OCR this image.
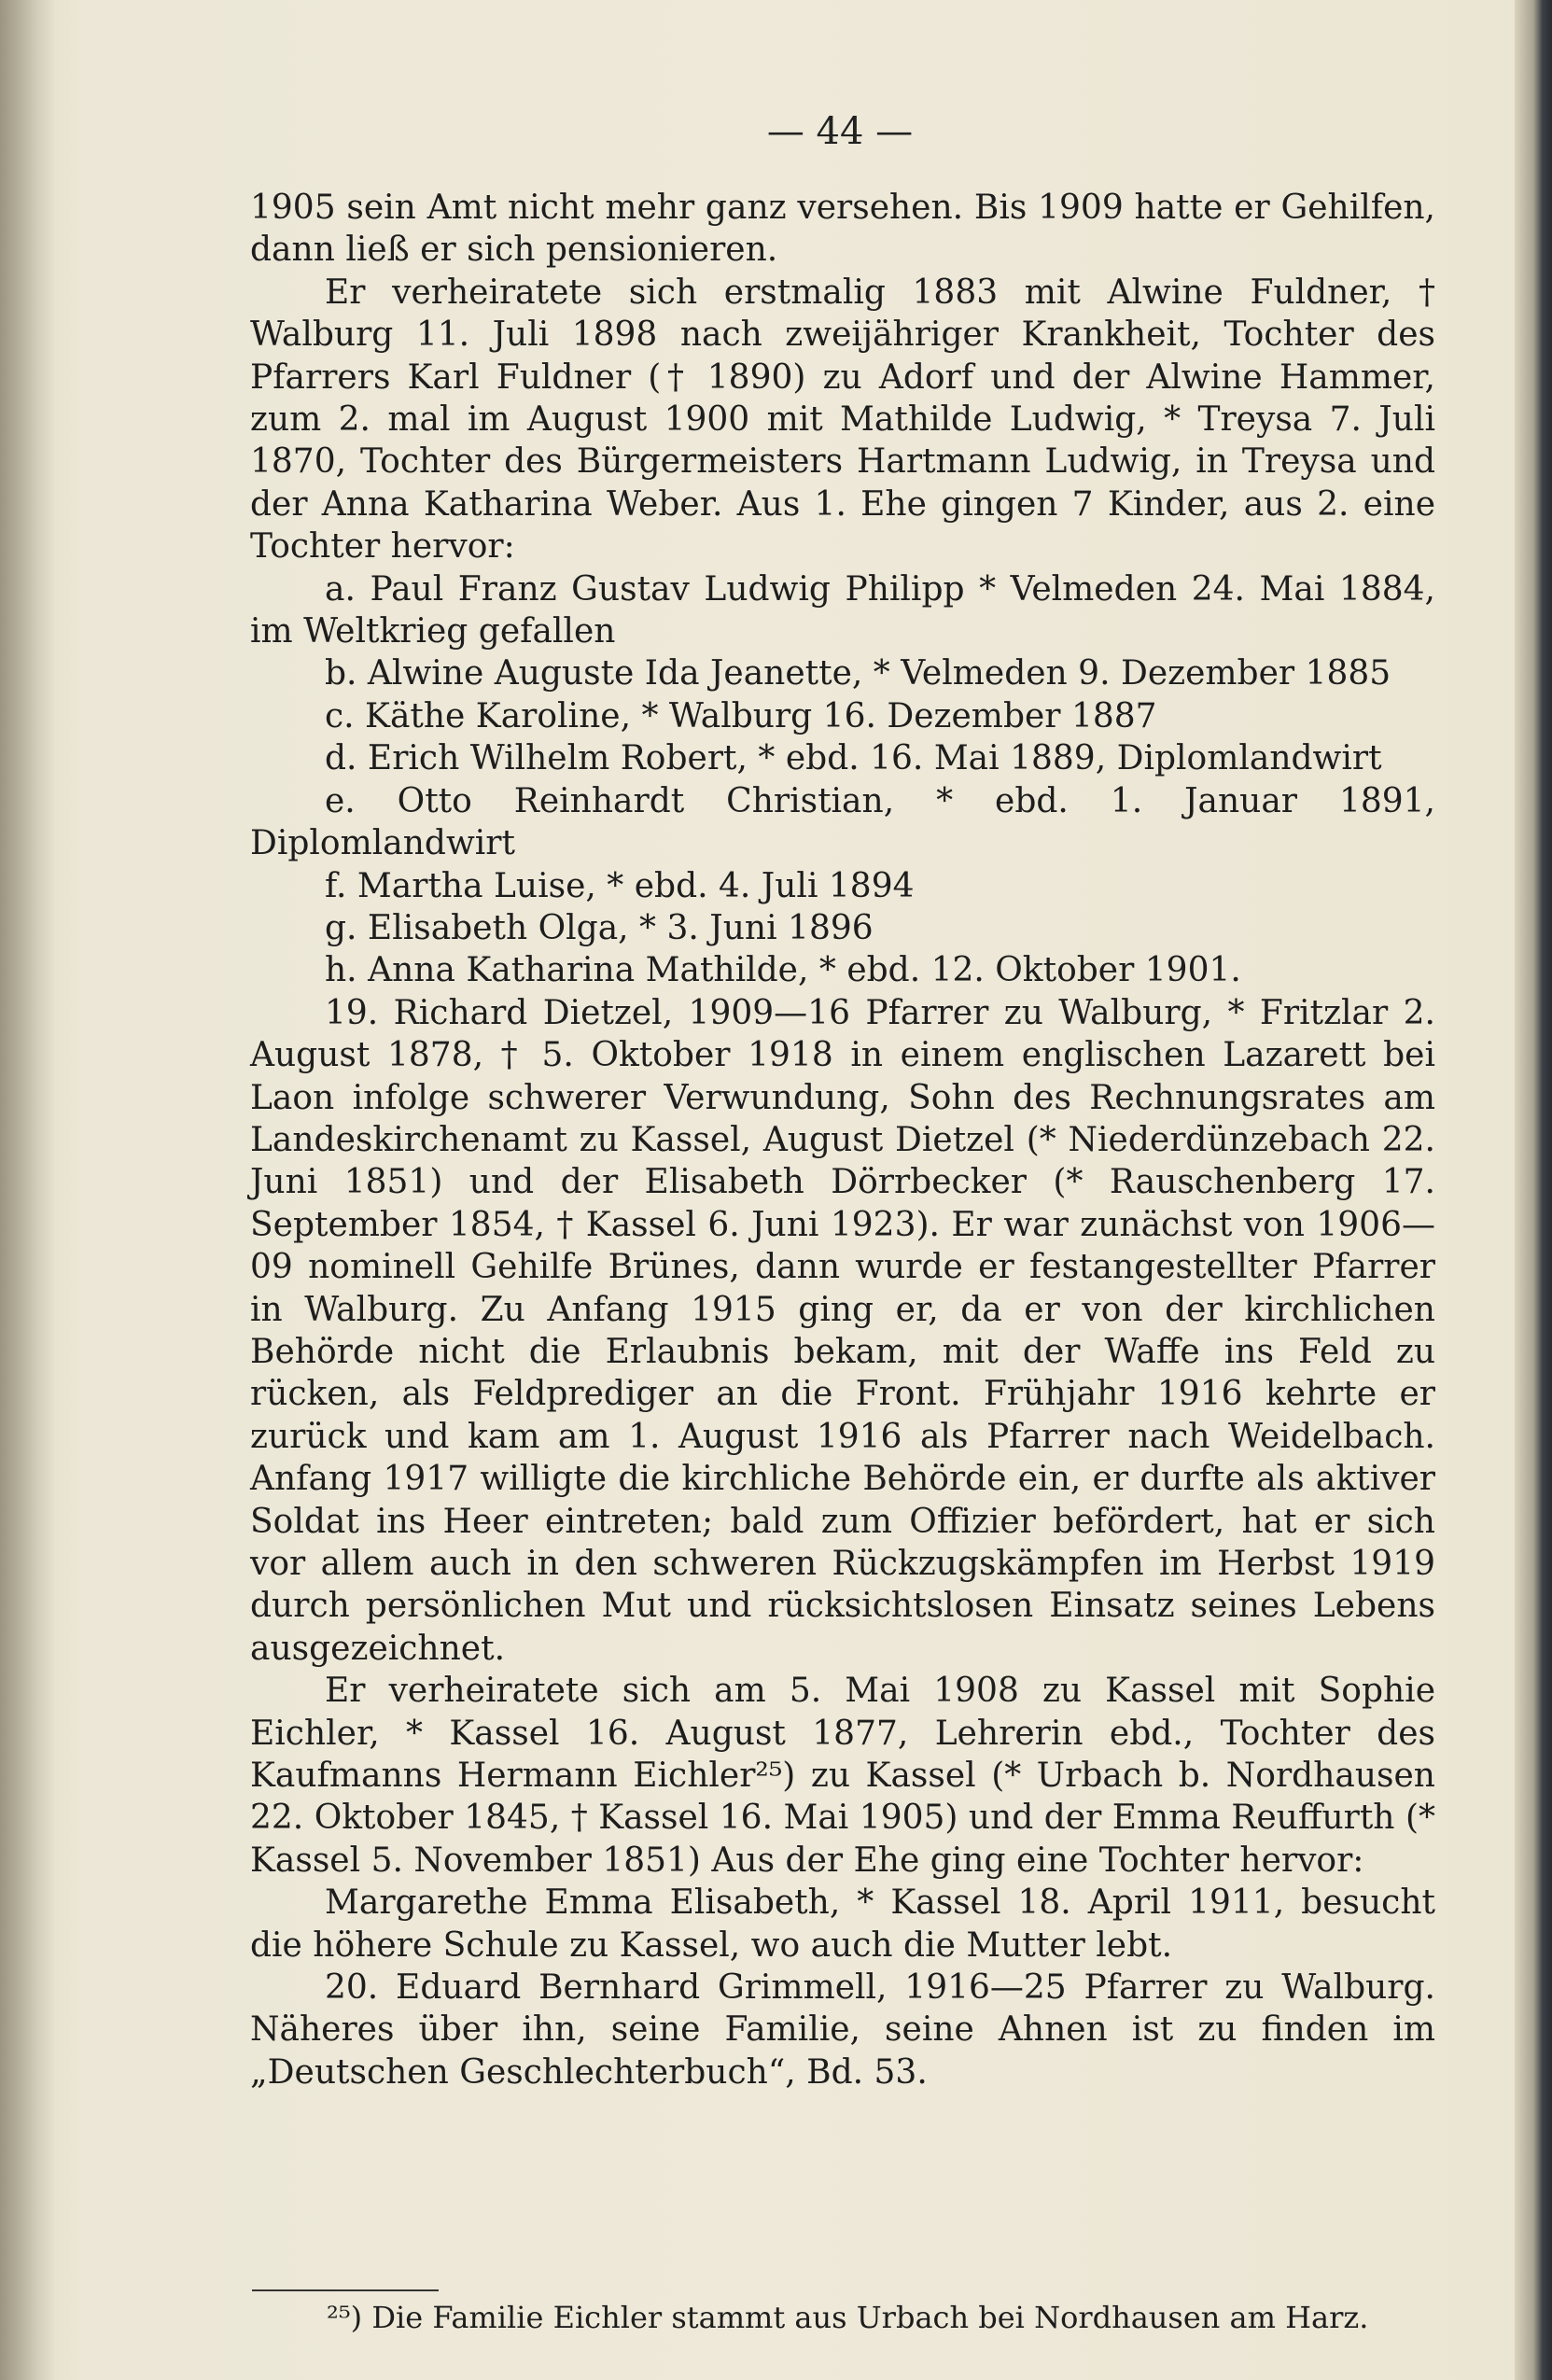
— 44 —

1905 sein Amt nicht mehr ganz versehen. Bis 1909 hatte er Gehilfen, dann ließ er sich pensionieren.

Er verheiratete sich erstmalig 1883 mit Alwine Fuldner, † Walburg 11. Juli 1898 nach zweijähriger Krankheit, Tochter des Pfarrers Karl Fuldner († 1890) zu Adorf und der Alwine Hammer, zum 2. mal im August 1900 mit Mathilde Ludwig, * Treysa 7. Juli 1870, Tochter des Bürgermeisters Hartmann Ludwig, in Treysa und der Anna Katharina Weber. Aus 1. Ehe gingen 7 Kinder, aus 2. eine Tochter hervor:

a. Paul Franz Gustav Ludwig Philipp * Velmeden 24. Mai 1884, im Weltkrieg gefallen

b. Alwine Auguste Ida Jeanette, * Velmeden 9. Dezember 1885

c. Käthe Karoline, * Walburg 16. Dezember 1887

d. Erich Wilhelm Robert, * ebd. 16. Mai 1889, Diplomlandwirt

e. Otto Reinhardt Christian, * ebd. 1. Januar 1891, Diplomlandwirt

f. Martha Luise, * ebd. 4. Juli 1894

g. Elisabeth Olga, * 3. Juni 1896

h. Anna Katharina Mathilde, * ebd. 12. Oktober 1901.

19. Richard Dietzel, 1909—16 Pfarrer zu Walburg, * Fritzlar 2. August 1878, † 5. Oktober 1918 in einem englischen Lazarett bei Laon infolge schwerer Verwundung, Sohn des Rechnungsrates am Landeskirchenamt zu Kassel, August Dietzel (* Niederdünzebach 22. Juni 1851) und der Elisabeth Dörrbecker (* Rauschenberg 17. September 1854, † Kassel 6. Juni 1923). Er war zunächst von 1906—09 nominell Gehilfe Brünes, dann wurde er festangestellter Pfarrer in Walburg. Zu Anfang 1915 ging er, da er von der kirchlichen Behörde nicht die Erlaubnis bekam, mit der Waffe ins Feld zu rücken, als Feldprediger an die Front. Frühjahr 1916 kehrte er zurück und kam am 1. August 1916 als Pfarrer nach Weidelbach. Anfang 1917 willigte die kirchliche Behörde ein, er durfte als aktiver Soldat ins Heer eintreten; bald zum Offizier befördert, hat er sich vor allem auch in den schweren Rückzugskämpfen im Herbst 1919 durch persönlichen Mut und rücksichtslosen Einsatz seines Lebens ausgezeichnet.

Er verheiratete sich am 5. Mai 1908 zu Kassel mit Sophie Eichler, * Kassel 16. August 1877, Lehrerin ebd., Tochter des Kaufmanns Hermann Eichler²⁵) zu Kassel (* Urbach b. Nordhausen 22. Oktober 1845, † Kassel 16. Mai 1905) und der Emma Reuffurth (* Kassel 5. November 1851) Aus der Ehe ging eine Tochter hervor:

Margarethe Emma Elisabeth, * Kassel 18. April 1911, besucht die höhere Schule zu Kassel, wo auch die Mutter lebt.

20. Eduard Bernhard Grimmell, 1916—25 Pfarrer zu Walburg. Näheres über ihn, seine Familie, seine Ahnen ist zu finden im „Deutschen Geschlechterbuch“, Bd. 53.

²⁵) Die Familie Eichler stammt aus Urbach bei Nordhausen am Harz.
